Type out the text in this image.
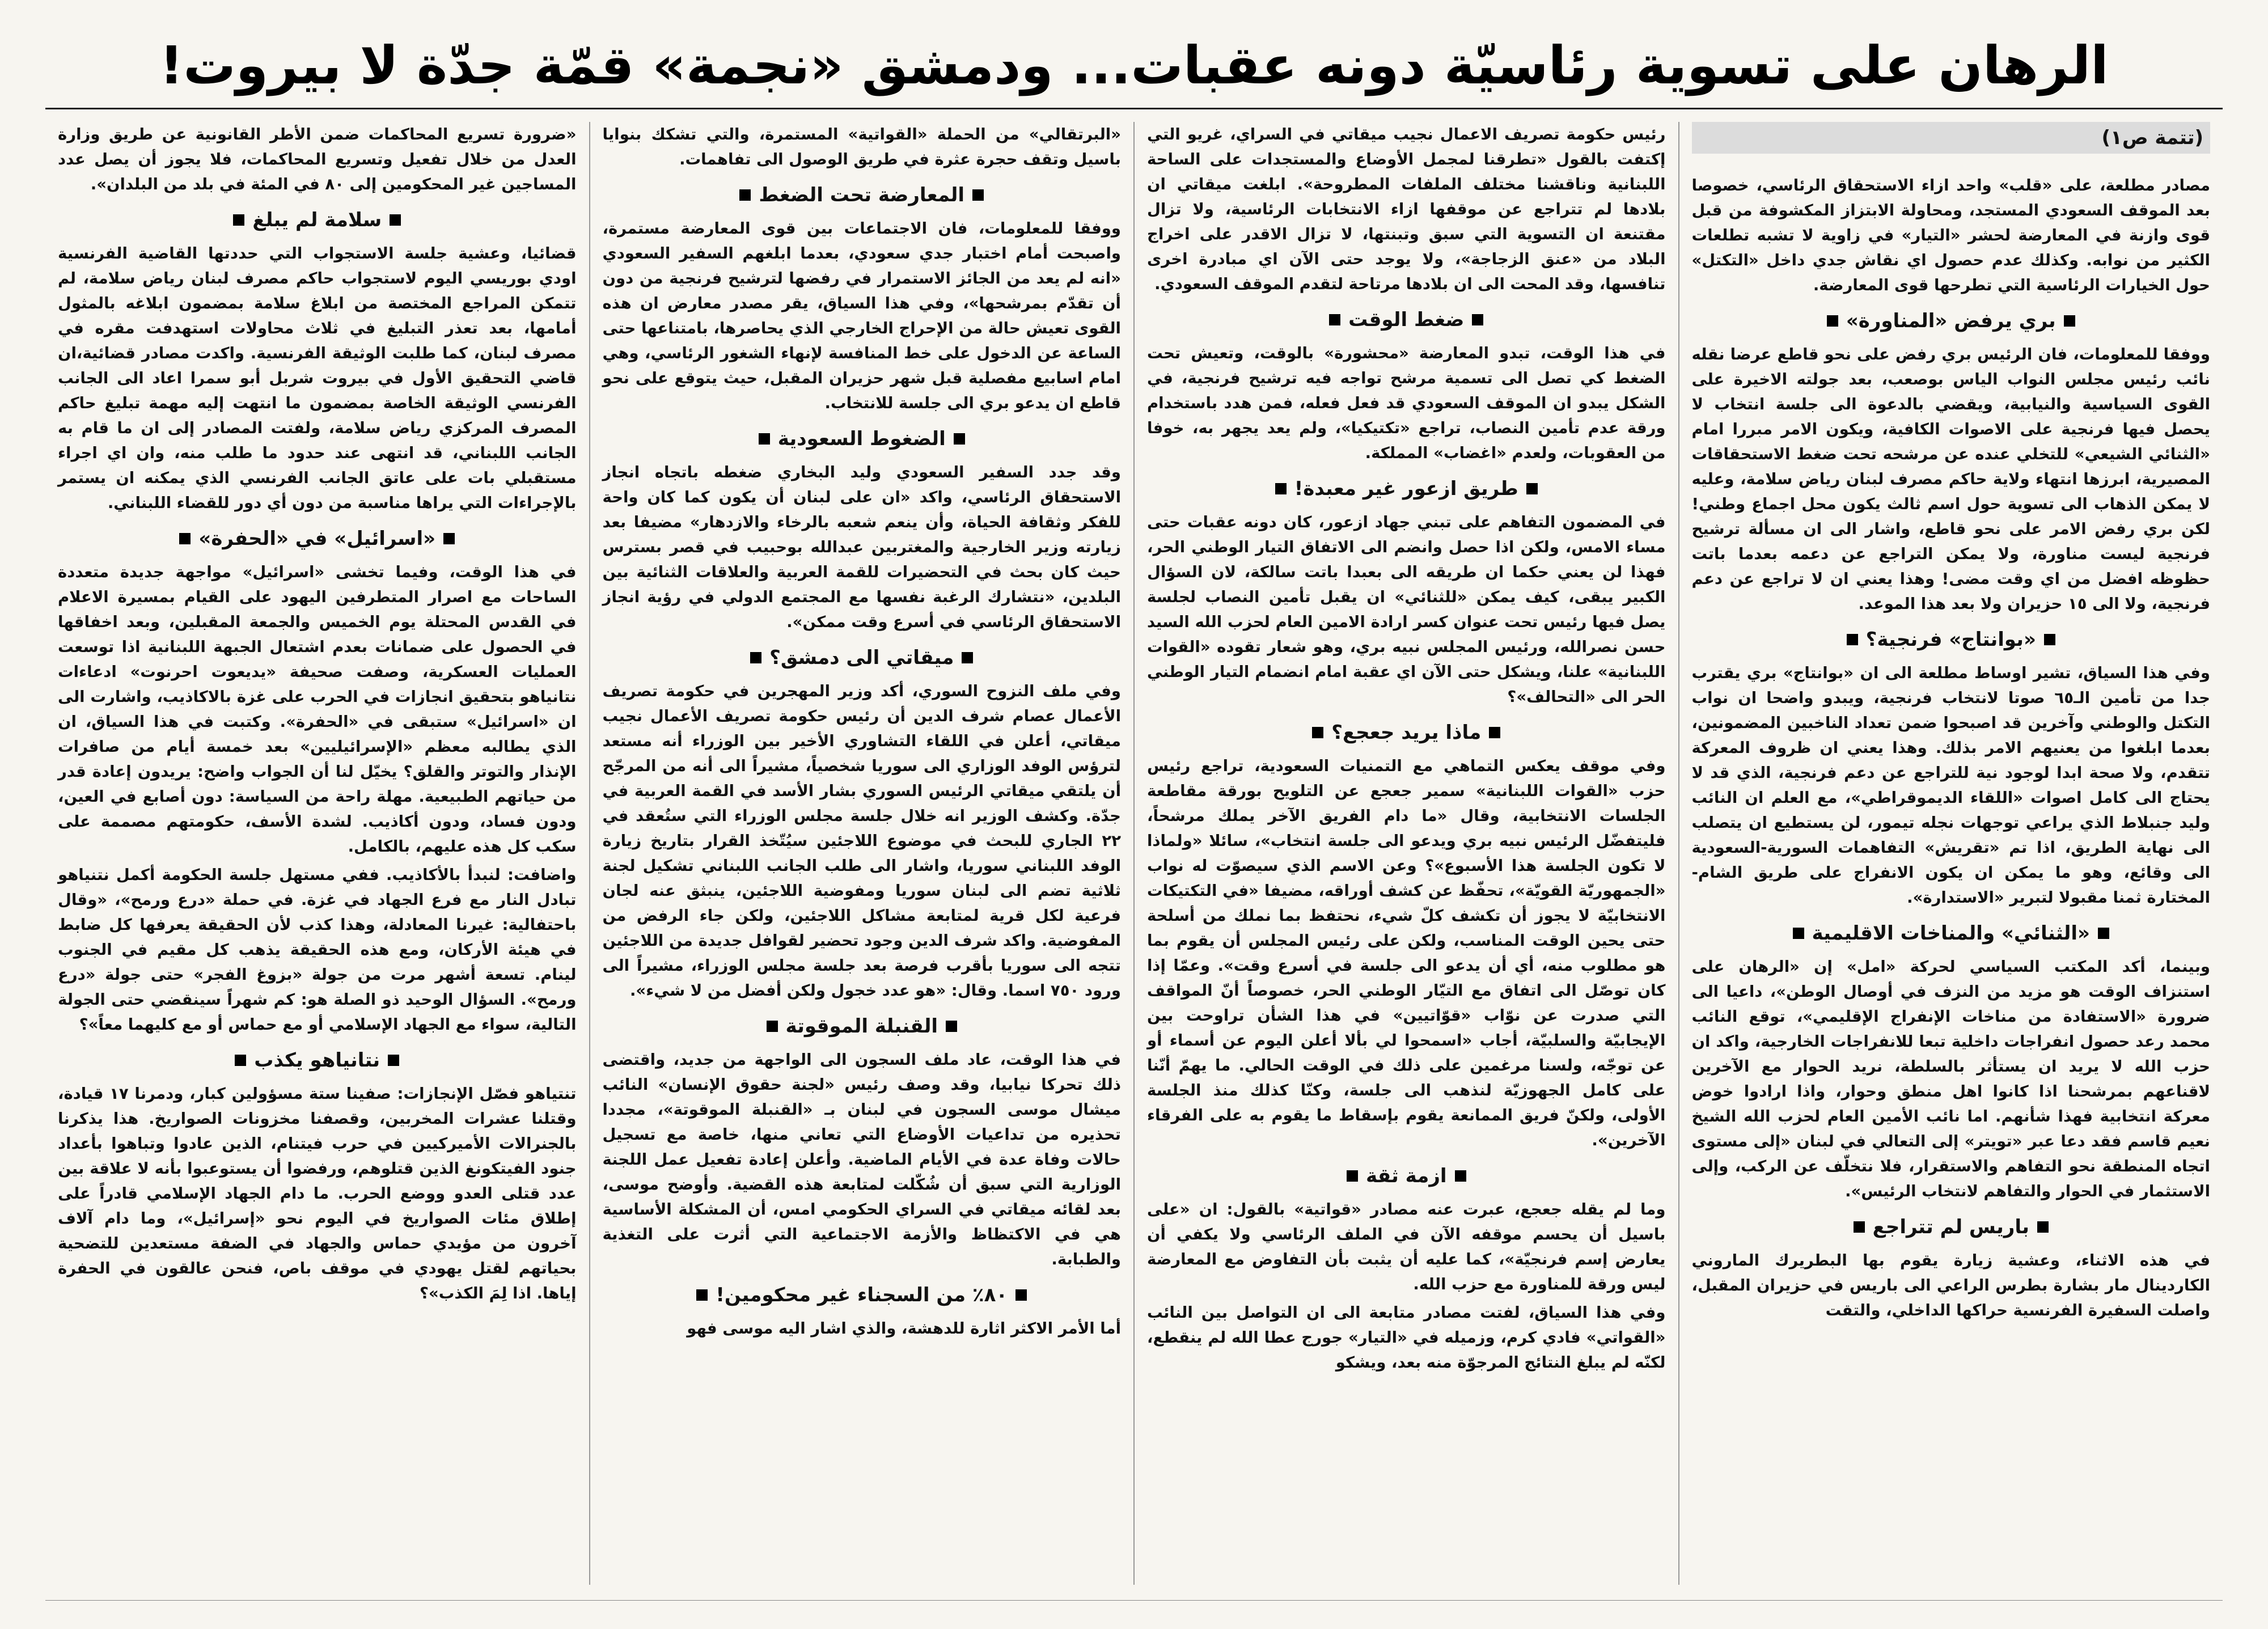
الرهان على تسوية رئاسيّة دونه عقبات... ودمشق «نجمة» قمّة جدّة لا بيروت!
(تتمة ص١)

مصادر مطلعة، على «قلب» واحد ازاء الاستحقاق الرئاسي، خصوصا بعد الموقف السعودي المستجد، ومحاولة الابتزاز المكشوفة من قبل قوى وازنة في المعارضة لحشر «التيار» في زاوية لا تشبه تطلعات الكثير من نوابه. وكذلك عدم حصول اي نقاش جدي داخل «التكتل» حول الخيارات الرئاسية التي تطرحها قوى المعارضة.

بري يرفض «المناورة»

ووفقا للمعلومات، فان الرئيس بري رفض على نحو قاطع عرضا نقله نائب رئيس مجلس النواب الياس بوصعب، بعد جولته الاخيرة على القوى السياسية والنيابية، ويقضي بالدعوة الى جلسة انتخاب لا يحصل فيها فرنجية على الاصوات الكافية، ويكون الامر مبررا امام «الثنائي الشيعي» للتخلي عنده عن مرشحه تحت ضغط الاستحقاقات المصيرية، ابرزها انتهاء ولاية حاكم مصرف لبنان رياض سلامة، وعليه لا يمكن الذهاب الى تسوية حول اسم ثالث يكون محل اجماع وطني! لكن بري رفض الامر على نحو قاطع، واشار الى ان مسألة ترشيح فرنجية ليست مناورة، ولا يمكن التراجع عن دعمه بعدما باتت حظوظه افضل من اي وقت مضى! وهذا يعني ان لا تراجع عن دعم فرنجية، ولا الى ١٥ حزيران ولا بعد هذا الموعد.

«بوانتاج» فرنجية؟

وفي هذا السياق، تشير اوساط مطلعة الى ان «بوانتاج» بري يقترب جدا من تأمين الـ٦٥ صوتا لانتخاب فرنجية، ويبدو واضحا ان نواب التكتل والوطني وآخرين قد اصبحوا ضمن تعداد الناخبين المضمونين، بعدما ابلغوا من يعنيهم الامر بذلك. وهذا يعني ان ظروف المعركة تتقدم، ولا صحة ابدا لوجود نية للتراجع عن دعم فرنجية، الذي قد لا يحتاج الى كامل اصوات «اللقاء الديموقراطي»، مع العلم ان النائب وليد جنبلاط الذي يراعي توجهات نجله تيمور، لن يستطيع ان يتصلب الى نهاية الطريق، اذا تم «تقريش» التفاهمات السورية-السعودية الى وقائع، وهو ما يمكن ان يكون الانفراج على طريق الشام-المختارة ثمنا مقبولا لتبرير «الاستدارة».

«الثنائي» والمناخات الاقليمية

وبينما، أكد المكتب السياسي لحركة «امل» إن «الرهان على استنزاف الوقت هو مزيد من النزف في أوصال الوطن»، داعيا الى ضرورة «الاستفادة من مناخات الإنفراج الإقليمي»، توقع النائب محمد رعد حصول انفراجات داخلية تبعا للانفراجات الخارجية، واكد ان حزب الله لا يريد ان يستأثر بالسلطة، نريد الحوار مع الآخرين لاقناعهم بمرشحنا اذا كانوا اهل منطق وحوار، واذا ارادوا خوض معركة انتخابية فهذا شأنهم. اما نائب الأمين العام لحزب الله الشيخ نعيم قاسم فقد دعا عبر «تويتر» إلى التعالي في لبنان «إلى مستوى اتجاه المنطقة نحو التفاهم والاستقرار، فلا نتخلّف عن الركب، وإلى الاستثمار في الحوار والتفاهم لانتخاب الرئيس».

باريس لم تتراجع

في هذه الاثناء، وعشية زيارة يقوم بها البطريرك الماروني الكاردينال مار بشارة بطرس الراعي الى باريس في حزيران المقبل، واصلت السفيرة الفرنسية حراكها الداخلي، والتقت

رئيس حكومة تصريف الاعمال نجيب ميقاتي في السراي، غريو التي إكتفت بالقول «تطرقنا لمجمل الأوضاع والمستجدات على الساحة اللبنانية وناقشنا مختلف الملفات المطروحة». ابلغت ميقاتي ان بلادها لم تتراجع عن موقفها ازاء الانتخابات الرئاسية، ولا تزال مقتنعة ان التسوية التي سبق وتبنتها، لا تزال الاقدر على اخراج البلاد من «عنق الزجاجة»، ولا يوجد حتى الآن اي مبادرة اخرى تنافسها، وقد المحت الى ان بلادها مرتاحة لتقدم الموقف السعودي.

ضغط الوقت

في هذا الوقت، تبدو المعارضة «محشورة» بالوقت، وتعيش تحت الضغط كي تصل الى تسمية مرشح تواجه فيه ترشيح فرنجية، في الشكل يبدو ان الموقف السعودي قد فعل فعله، فمن هدد باستخدام ورقة عدم تأمين النصاب، تراجع «تكتيكيا»، ولم يعد يجهر به، خوفا من العقوبات، ولعدم «اغضاب» المملكة.

طريق ازعور غير معبدة!

في المضمون التفاهم على تبني جهاد ازعور، كان دونه عقبات حتى مساء الامس، ولكن اذا حصل وانضم الى الاتفاق التيار الوطني الحر، فهذا لن يعني حكما ان طريقه الى بعبدا باتت سالكة، لان السؤال الكبير يبقى، كيف يمكن «للثنائي» ان يقبل تأمين النصاب لجلسة يصل فيها رئيس تحت عنوان كسر ارادة الامين العام لحزب الله السيد حسن نصرالله، ورئيس المجلس نبيه بري، وهو شعار تقوده «القوات اللبنانية» علنا، ويشكل حتى الآن اي عقبة امام انضمام التيار الوطني الحر الى «التحالف»؟

ماذا يريد جعجع؟

وفي موقف يعكس التماهي مع التمنيات السعودية، تراجع رئيس حزب «القوات اللبنانية» سمير جعجع عن التلويح بورقة مقاطعة الجلسات الانتخابية، وقال «ما دام الفريق الآخر يملك مرشحاً، فليتفضّل الرئيس نبيه بري ويدعو الى جلسة انتخاب»، سائلا «ولماذا لا تكون الجلسة هذا الأسبوع»؟ وعن الاسم الذي سيصوّت له نواب «الجمهوريّة القويّة»، تحفّظ عن كشف أوراقه، مضيفا «في التكتيكات الانتخابيّة لا يجوز أن تكشف كلّ شيء، نحتفظ بما نملك من أسلحة حتى يحين الوقت المناسب، ولكن على رئيس المجلس أن يقوم بما هو مطلوب منه، أي أن يدعو الى جلسة في أسرع وقت». وعمّا إذا كان توصّل الى اتفاق مع التيّار الوطني الحر، خصوصاً أنّ المواقف التي صدرت عن نوّاب «قوّاتيين» في هذا الشأن تراوحت بين الإيجابيّة والسلبيّة، أجاب «اسمحوا لي بألا أعلن اليوم عن أسماء أو عن توجّه، ولسنا مرغمين على ذلك في الوقت الحالي. ما يهمّ أنّنا على كامل الجهوزيّة لنذهب الى جلسة، وكنّا كذلك منذ الجلسة الأولى، ولكنّ فريق الممانعة يقوم بإسقاط ما يقوم به على الفرقاء الآخرين».

ازمة ثقة

وما لم يقله جعجع، عبرت عنه مصادر «قواتية» بالقول: ان «على باسيل أن يحسم موقفه الآن في الملف الرئاسي ولا يكفي أن يعارض إسم فرنجيّة»، كما عليه أن يثبت بأن التفاوض مع المعارضة ليس ورقة للمناورة مع حزب الله.

وفي هذا السياق، لفتت مصادر متابعة الى ان التواصل بين النائب «القواتي» فادي كرم، وزميله في «التيار» جورج عطا الله لم ينقطع، لكنّه لم يبلغ النتائج المرجوّة منه بعد، ويشكو

«البرتقالي» من الحملة «القواتية» المستمرة، والتي تشكك بنوايا باسيل وتقف حجرة عثرة في طريق الوصول الى تفاهمات.

المعارضة تحت الضغط

ووفقا للمعلومات، فان الاجتماعات بين قوى المعارضة مستمرة، واصبحت أمام اختبار جدي سعودي، بعدما ابلغهم السفير السعودي «انه لم يعد من الجائز الاستمرار في رفضها لترشيح فرنجية من دون أن تقدّم بمرشحها»، وفي هذا السياق، يقر مصدر معارض ان هذه القوى تعيش حالة من الإحراج الخارجي الذي يحاصرها، بامتناعها حتى الساعة عن الدخول على خط المنافسة لإنهاء الشغور الرئاسي، وهي امام اسابيع مفصلية قبل شهر حزيران المقبل، حيث يتوقع على نحو قاطع ان يدعو بري الى جلسة للانتخاب.

الضغوط السعودية

وقد جدد السفير السعودي وليد البخاري ضغطه باتجاه انجاز الاستحقاق الرئاسي، واكد «ان على لبنان أن يكون كما كان واحة للفكر وثقافة الحياة، وأن ينعم شعبه بالرخاء والازدهار» مضيفا بعد زيارته وزير الخارجية والمغتربين عبدالله بوحبيب في قصر بسترس حيث كان بحث في التحضيرات للقمة العربية والعلاقات الثنائية بين البلدين، «نتشارك الرغبة نفسها مع المجتمع الدولي في رؤية انجاز الاستحقاق الرئاسي في أسرع وقت ممكن».

ميقاتي الى دمشق؟

وفي ملف النزوح السوري، أكد وزير المهجرين في حكومة تصريف الأعمال عصام شرف الدين أن رئيس حكومة تصريف الأعمال نجيب ميقاتي، أعلن في اللقاء التشاوري الأخير بين الوزراء أنه مستعد لترؤس الوفد الوزاري الى سوريا شخصياً، مشيراً الى أنه من المرجّح أن يلتقي ميقاتي الرئيس السوري بشار الأسد في القمة العربية في جدّة. وكشف الوزير انه خلال جلسة مجلس الوزراء التي ستُعقد في ٢٢ الجاري للبحث في موضوع اللاجئين سيُتّخذ القرار بتاريخ زيارة الوفد اللبناني سوريا، واشار الى طلب الجانب اللبناني تشكيل لجنة ثلاثية تضم الى لبنان سوريا ومفوضية اللاجئين، ينبثق عنه لجان فرعية لكل قرية لمتابعة مشاكل اللاجئين، ولكن جاء الرفض من المفوضية. واكد شرف الدين وجود تحضير لقوافل جديدة من اللاجئين تتجه الى سوريا بأقرب فرصة بعد جلسة مجلس الوزراء، مشيراً الى ورود ٧٥٠ اسما. وقال: «هو عدد خجول ولكن أفضل من لا شيء».

القنبلة الموقوتة

في هذا الوقت، عاد ملف السجون الى الواجهة من جديد، واقتضى ذلك تحركا نيابيا، وقد وصف رئيس «لجنة حقوق الإنسان» النائب ميشال موسى السجون في لبنان بـ «القنبلة الموقوتة»، مجددا تحذيره من تداعيات الأوضاع التي تعاني منها، خاصة مع تسجيل حالات وفاة عدة في الأيام الماضية. وأعلن إعادة تفعيل عمل اللجنة الوزارية التي سبق أن شُكّلت لمتابعة هذه القضية. وأوضح موسى، بعد لقائه ميقاتي في السراي الحكومي امس، أن المشكلة الأساسية هي في الاكتظاظ والأزمة الاجتماعية التي أثرت على التغذية والطبابة.

٨٠٪ من السجناء غير محكومين!

أما الأمر الاكثر اثارة للدهشة، والذي اشار اليه موسى فهو

«ضرورة تسريع المحاكمات ضمن الأطر القانونية عن طريق وزارة العدل من خلال تفعيل وتسريع المحاكمات، فلا يجوز أن يصل عدد المساجين غير المحكومين إلى ٨٠ في المئة في بلد من البلدان».

سلامة لم يبلغ

قضائيا، وعشية جلسة الاستجواب التي حددتها القاضية الفرنسية اودي بوريسي اليوم لاستجواب حاكم مصرف لبنان رياض سلامة، لم تتمكن المراجع المختصة من ابلاغ سلامة بمضمون ابلاغه بالمثول أمامها، بعد تعذر التبليغ في ثلاث محاولات استهدفت مقره في مصرف لبنان، كما طلبت الوثيقة الفرنسية. واكدت مصادر قضائية،ان قاضي التحقيق الأول في بيروت شربل أبو سمرا اعاد الى الجانب الفرنسي الوثيقة الخاصة بمضمون ما انتهت إليه مهمة تبليغ حاكم المصرف المركزي رياض سلامة، ولفتت المصادر إلى ان ما قام به الجانب اللبناني، قد انتهى عند حدود ما طلب منه، وان اي اجراء مستقبلي بات على عاتق الجانب الفرنسي الذي يمكنه ان يستمر بالإجراءات التي يراها مناسبة من دون أي دور للقضاء اللبناني.

«اسرائيل» في «الحفرة»

في هذا الوقت، وفيما تخشى «اسرائيل» مواجهة جديدة متعددة الساحات مع اصرار المتطرفين اليهود على القيام بمسيرة الاعلام في القدس المحتلة يوم الخميس والجمعة المقبلين، وبعد اخفاقها في الحصول على ضمانات بعدم اشتعال الجبهة اللبنانية اذا توسعت العمليات العسكرية، وصفت صحيفة «يديعوت احرنوت» ادعاءات نتانياهو بتحقيق انجازات في الحرب على غزة بالاكاذيب، واشارت الى ان «اسرائيل» ستبقى في «الحفرة». وكتبت في هذا السياق، ان الذي يطالبه معظم «الإسرائيليين» بعد خمسة أيام من صافرات الإنذار والتوتر والقلق؟ يخيّل لنا أن الجواب واضح: يريدون إعادة قدر من حياتهم الطبيعية. مهلة راحة من السياسة: دون أصابع في العين، ودون فساد، ودون أكاذيب. لشدة الأسف، حكومتهم مصممة على سكب كل هذه عليهم، بالكامل.

واضافت: لنبدأ بالأكاذيب. ففي مستهل جلسة الحكومة أكمل نتنياهو تبادل النار مع فرع الجهاد في غزة. في حملة «درع ورمح»، «وقال باحتفالية: غيرنا المعادلة، وهذا كذب لأن الحقيقة يعرفها كل ضابط في هيئة الأركان، ومع هذه الحقيقة يذهب كل مقيم في الجنوب لينام. تسعة أشهر مرت من جولة «بزوغ الفجر» حتى جولة «درع ورمح». السؤال الوحيد ذو الصلة هو: كم شهراً سينقضي حتى الجولة التالية، سواء مع الجهاد الإسلامي أو مع حماس أو مع كليهما معاً»؟

نتانياهو يكذب

تنتياهو فصّل الإنجازات: صفينا ستة مسؤولين كبار، ودمرنا ١٧ قيادة، وقتلنا عشرات المخربين، وقصفنا مخزونات الصواريخ. هذا يذكرنا بالجنرالات الأميركيين في حرب فيتنام، الذين عادوا وتباهوا بأعداد جنود الفيتكونغ الذين قتلوهم، ورفضوا أن يستوعبوا بأنه لا علاقة بين عدد قتلى العدو ووضع الحرب. ما دام الجهاد الإسلامي قادراً على إطلاق مئات الصواريخ في اليوم نحو «إسرائيل»، وما دام آلاف آخرون من مؤيدي حماس والجهاد في الضفة مستعدين للتضحية بحياتهم لقتل يهودي في موقف باص، فنحن عالقون في الحفرة إياها. اذا لِمَ الكذب»؟
